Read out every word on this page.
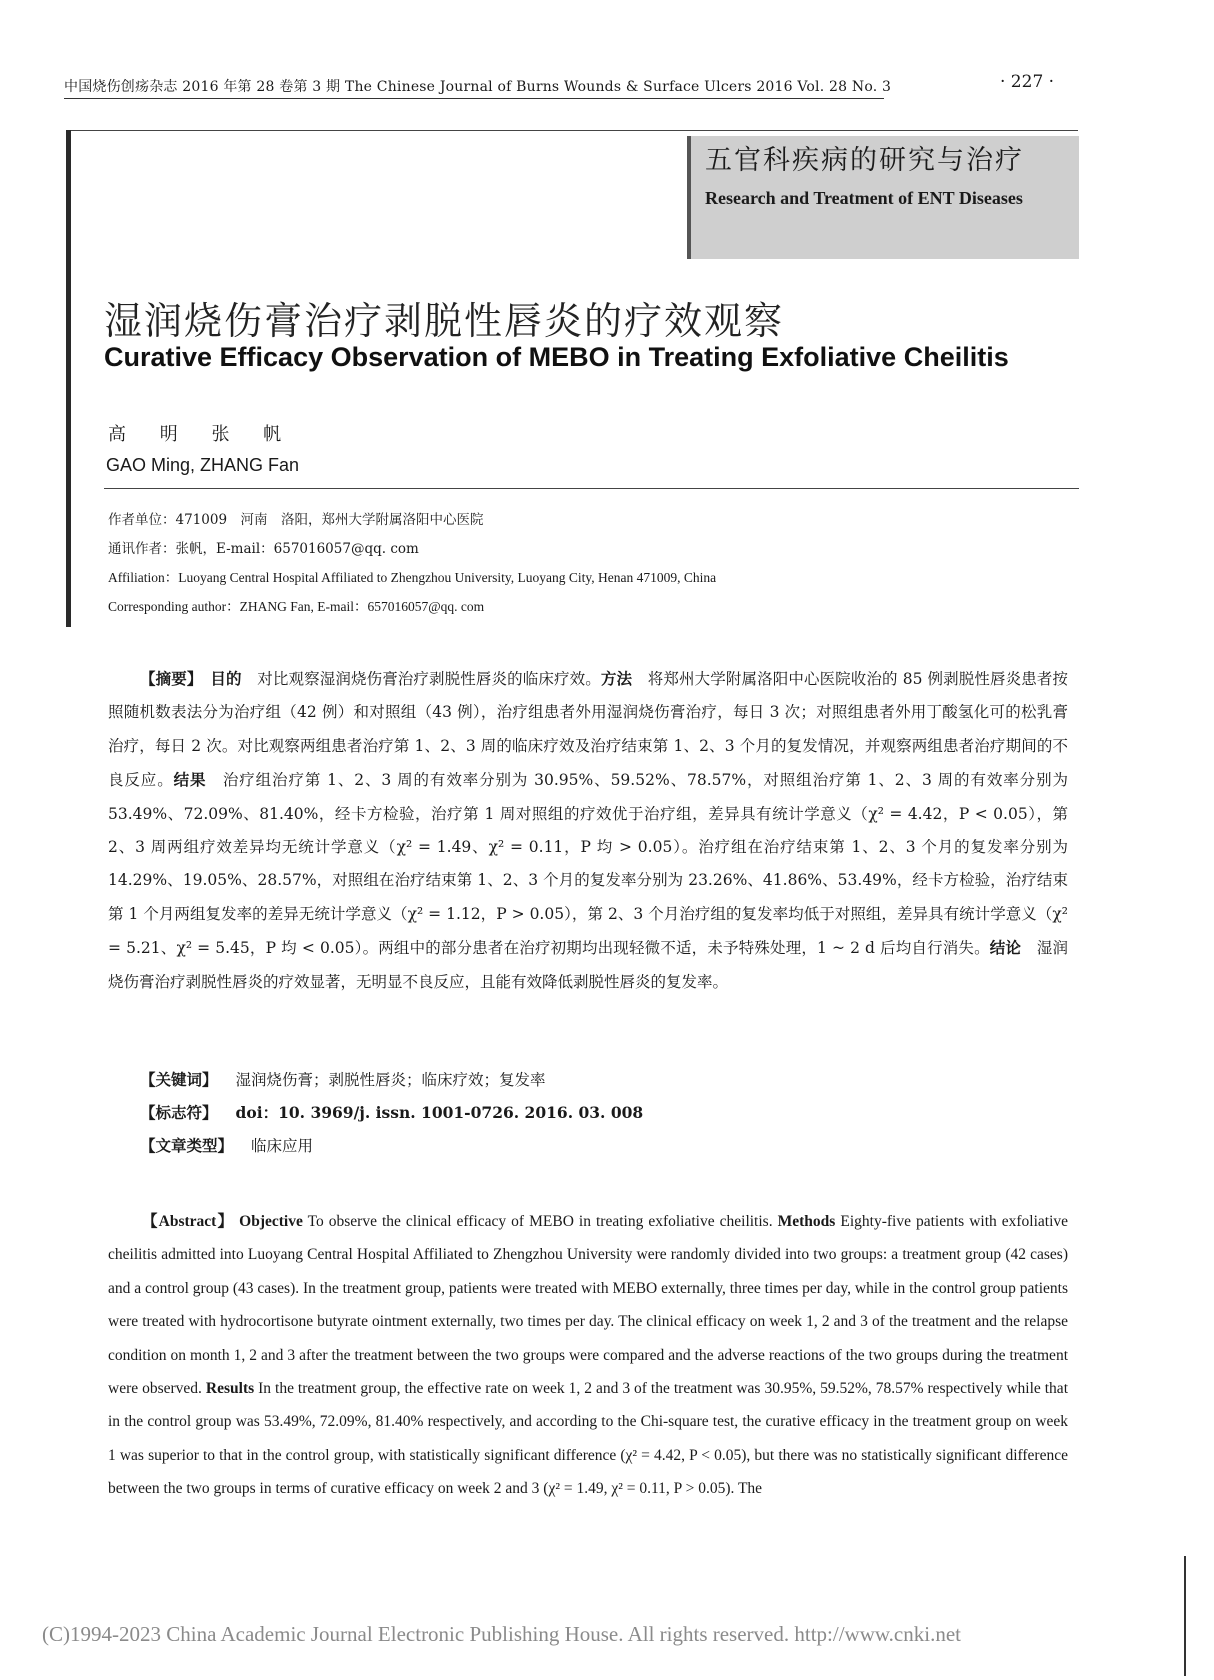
中国烧伤创疡杂志 2016 年第 28 卷第 3 期 The Chinese Journal of Burns Wounds & Surface Ulcers 2016 Vol. 28 No. 3	· 227 ·
五官科疾病的研究与治疗
Research and Treatment of ENT Diseases
湿润烧伤膏治疗剥脱性唇炎的疗效观察
Curative Efficacy Observation of MEBO in Treating Exfoliative Cheilitis
高 明 张 帆
GAO Ming, ZHANG Fan
作者单位：471009　河南　洛阳，郑州大学附属洛阳中心医院
通讯作者：张帆，E-mail：657016057@qq. com
Affiliation：Luoyang Central Hospital Affiliated to Zhengzhou University, Luoyang City, Henan 471009, China
Corresponding author：ZHANG Fan, E-mail：657016057@qq. com

【摘要】　 目的　 对比观察湿润烧伤膏治疗剥脱性唇炎的临床疗效。方法　 将郑州大学附属洛阳中心医院收治的 85 例剥脱性唇炎患者按照随机数表法分为治疗组（42 例）和对照组（43 例），治疗组患者外用湿润烧伤膏治疗，每日 3 次；对照组患者外用丁酸氢化可的松乳膏治疗，每日 2 次。对比观察两组患者治疗第 1、2、3 周的临床疗效及治疗结束第 1、2、3 个月的复发情况，并观察两组患者治疗期间的不良反应。结果　 治疗组治疗第 1、2、3 周的有效率分别为 30.95%、59.52%、78.57%，对照组治疗第 1、2、3 周的有效率分别为 53.49%、72.09%、81.40%，经卡方检验，治疗第 1 周对照组的疗效优于治疗组，差异具有统计学意义（χ² = 4.42，P < 0.05），第 2、3 周两组疗效差异均无统计学意义（χ² = 1.49、χ² = 0.11，P 均 > 0.05）。治疗组在治疗结束第 1、2、3 个月的复发率分别为 14.29%、19.05%、28.57%，对照组在治疗结束第 1、2、3 个月的复发率分别为 23.26%、41.86%、53.49%，经卡方检验，治疗结束第 1 个月两组复发率的差异无统计学意义（χ² = 1.12，P > 0.05），第 2、3 个月治疗组的复发率均低于对照组，差异具有统计学意义（χ² = 5.21、χ² = 5.45，P 均 < 0.05）。两组中的部分患者在治疗初期均出现轻微不适，未予特殊处理，1 ~ 2 d 后均自行消失。结论　 湿润烧伤膏治疗剥脱性唇炎的疗效显著，无明显不良反应，且能有效降低剥脱性唇炎的复发率。

【关键词】 湿润烧伤膏；剥脱性唇炎；临床疗效；复发率
【标志符】 doi：10. 3969/j. issn. 1001-0726. 2016. 03. 008
【文章类型】 临床应用

【Abstract】 Objective To observe the clinical efficacy of MEBO in treating exfoliative cheilitis. Methods Eighty-five patients with exfoliative cheilitis admitted into Luoyang Central Hospital Affiliated to Zhengzhou University were randomly divided into two groups: a treatment group (42 cases) and a control group (43 cases). In the treatment group, patients were treated with MEBO externally, three times per day, while in the control group patients were treated with hydrocortisone butyrate ointment externally, two times per day. The clinical efficacy on week 1, 2 and 3 of the treatment and the relapse condition on month 1, 2 and 3 after the treatment between the two groups were compared and the adverse reactions of the two groups during the treatment were observed. Results In the treatment group, the effective rate on week 1, 2 and 3 of the treatment was 30.95%, 59.52%, 78.57% respectively while that in the control group was 53.49%, 72.09%, 81.40% respectively, and according to the Chi-square test, the curative efficacy in the treatment group on week 1 was superior to that in the control group, with statistically significant difference (χ² = 4.42, P < 0.05), but there was no statistically significant difference between the two groups in terms of curative efficacy on week 2 and 3 (χ² = 1.49, χ² = 0.11, P > 0.05). The

(C)1994-2023 China Academic Journal Electronic Publishing House. All rights reserved. http://www.cnki.net
